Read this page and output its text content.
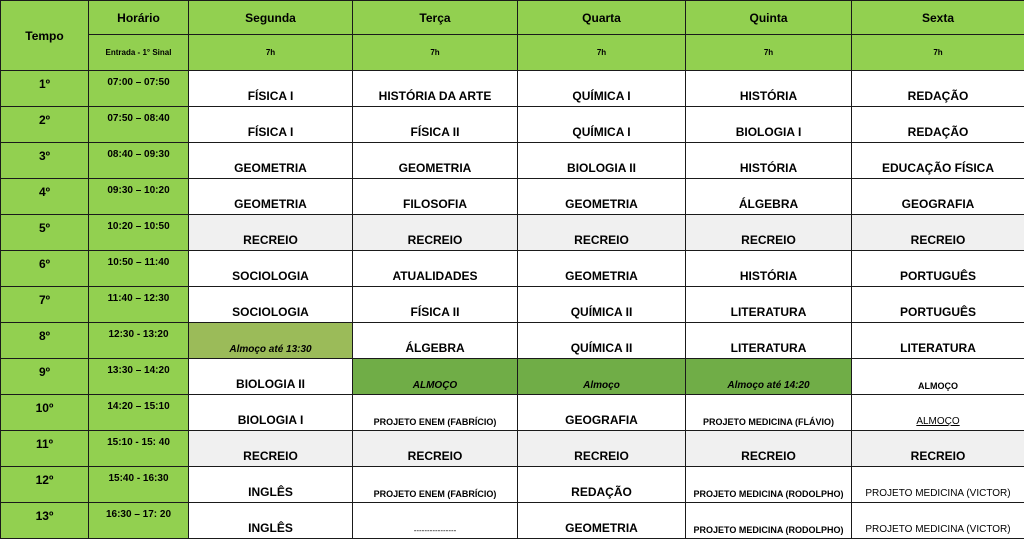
Tempo	Horário	Segunda	Terça	Quarta	Quinta	Sexta
	Entrada - 1° Sinal	7h	7h	7h	7h	7h
1º	07:00 – 07:50	FÍSICA I	HISTÓRIA DA ARTE	QUÍMICA I	HISTÓRIA	REDAÇÃO
2º	07:50 – 08:40	FÍSICA I	FÍSICA II	QUÍMICA I	BIOLOGIA I	REDAÇÃO
3º	08:40 – 09:30	GEOMETRIA	GEOMETRIA	BIOLOGIA II	HISTÓRIA	EDUCAÇÃO FÍSICA
4º	09:30 – 10:20	GEOMETRIA	FILOSOFIA	GEOMETRIA	ÁLGEBRA	GEOGRAFIA
5º	10:20 – 10:50	RECREIO	RECREIO	RECREIO	RECREIO	RECREIO
6º	10:50 – 11:40	SOCIOLOGIA	ATUALIDADES	GEOMETRIA	HISTÓRIA	PORTUGUÊS
7º	11:40 – 12:30	SOCIOLOGIA	FÍSICA II	QUÍMICA II	LITERATURA	PORTUGUÊS
8º	12:30 - 13:20	Almoço até 13:30	ÁLGEBRA	QUÍMICA II	LITERATURA	LITERATURA
9º	13:30 – 14:20	BIOLOGIA II	ALMOÇO	Almoço	Almoço até 14:20	ALMOÇO
10º	14:20 – 15:10	BIOLOGIA I	PROJETO ENEM (FABRÍCIO)	GEOGRAFIA	PROJETO MEDICINA (FLÁVIO)	ALMOÇO
11º	15:10 - 15: 40	RECREIO	RECREIO	RECREIO	RECREIO	RECREIO
12º	15:40 - 16:30	INGLÊS	PROJETO ENEM (FABRÍCIO)	REDAÇÃO	PROJETO MEDICINA (RODOLPHO)	PROJETO MEDICINA (VICTOR)
13º	16:30 – 17: 20	INGLÊS	----------------	GEOMETRIA	PROJETO MEDICINA (RODOLPHO)	PROJETO MEDICINA (VICTOR)
